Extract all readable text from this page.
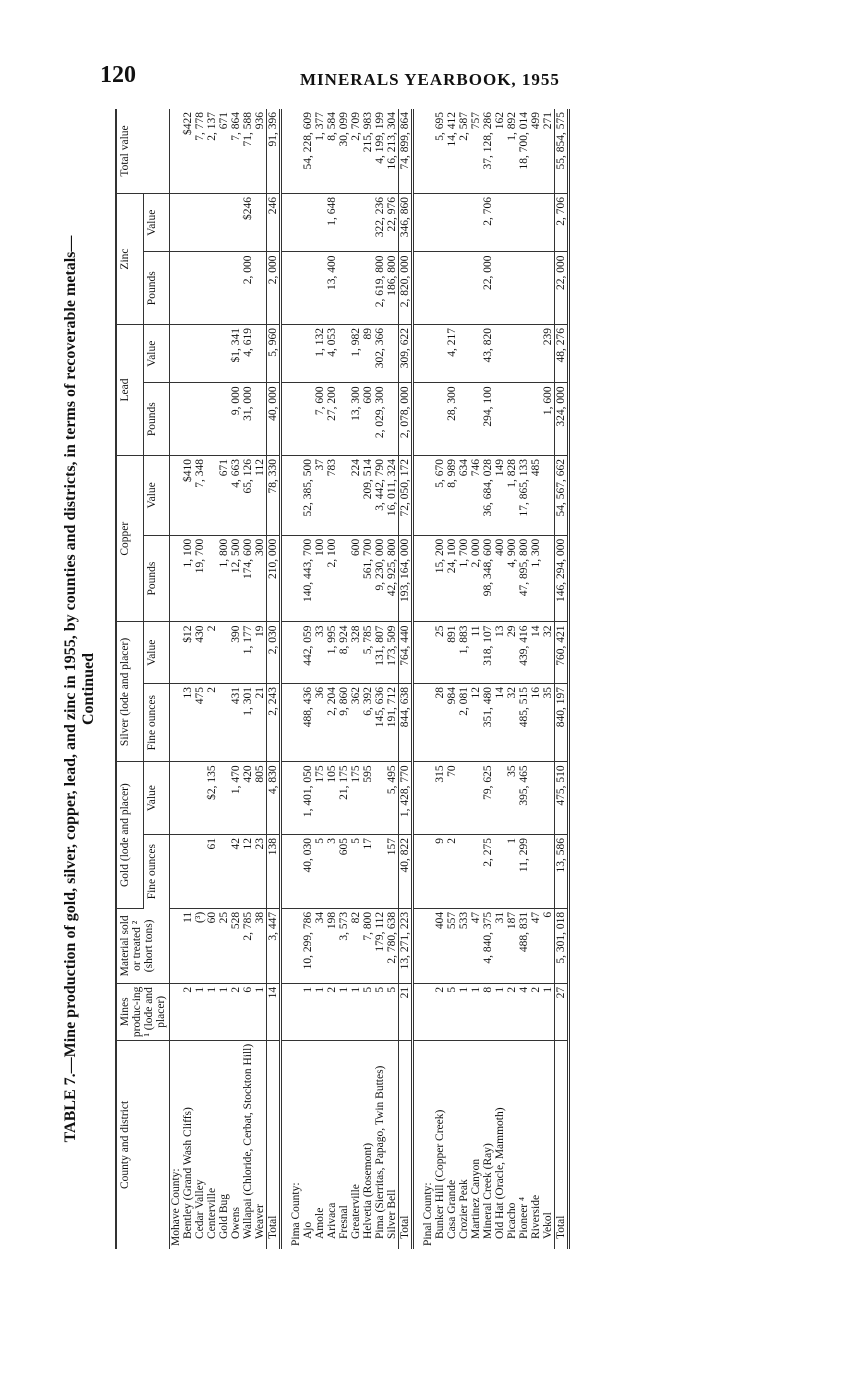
120	MINERALS YEARBOOK, 1955
TABLE 7.—Mine production of gold, silver, copper, lead, and zinc in 1955, by counties and districts, in terms of recoverable metals— Continued
County and district	Mines produc-ing ¹ (lode and placer)	Material sold or treated ² (short tons)	Gold (lode and placer)		Silver (lode and placer)		Copper		Lead		Zinc		Total value
			Fine ounces	Value	Fine ounces	Value	Pounds	Value	Pounds	Value	Pounds	Value	
Mohave County:													
Bentley (Grand Wash Cliffs)	2	11			13	$12	1, 100	$410					$422
Cedar Valley	1	(³)			475	430	19, 700	7, 348					7, 778
Centerville	1	60	61	$2, 135	2	2							2, 137
Gold Bug	1	25					1, 800	671					671
Owens	2	528	42	1, 470	431	390	12, 500	4, 663	9, 000	$1, 341			7, 864
Wallapai (Chloride, Cerbat, Stockton Hill)	6	2, 785	12	420	1, 301	1, 177	174, 600	65, 126	31, 000	4, 619	2, 000	$246	71, 588
Weaver	1	38	23	805	21	19	300	112					936
Total	14	3, 447	138	4, 830	2, 243	2, 030	210, 000	78, 330	40, 000	5, 960	2, 000	246	91, 396

Pima County:													
Ajo	1	10, 299, 786	40, 030	1, 401, 050	488, 436	442, 059	140, 443, 700	52, 385, 500					54, 228, 609
Amole	1	34	5	175	36	33	100	37	7, 600	1, 132			1, 377
Arivaca	2	198	3	105	2, 204	1, 995	2, 100	783	27, 200	4, 053	13, 400	1, 648	8, 584
Fresnal	1	3, 573	605	21, 175	9, 860	8, 924							30, 099
Greaterville	1	82	5	175	362	328	600	224	13, 300	1, 982			2, 709
Helvetia (Rosemont)	5	7, 800	17	595	6, 392	5, 785	561, 700	209, 514	600	89			215, 983
Pima (Sierritas, Papago, Twin Buttes)	5	179, 112			145, 636	131, 807	9, 230, 000	3, 442, 790	2, 029, 300	302, 366	2, 619, 800	322, 236	4, 199, 199
Silver Bell	5	2, 780, 638	157	5, 495	191, 712	173, 509	42, 925, 800	16, 011, 324			186, 800	22, 976	16, 213, 304
Total	21	13, 271, 223	40, 822	1, 428, 770	844, 638	764, 440	193, 164, 000	72, 050, 172	2, 078, 000	309, 622	2, 820, 000	346, 860	74, 899, 864

Pinal County:													
Bunker Hill (Copper Creek)	2	404	9	315	28	25	15, 200	5, 670					5, 695
Casa Grande	5	557	2	70	984	891	24, 100	8, 989	28, 300	4, 217			14, 412
Crozier Peak	1	533			2, 081	1, 883	1, 700	634					2, 587
Martinez Canyon	1	47			12	11	2, 000	746					757
Mineral Creek (Ray)	8	4, 840, 375	2, 275	79, 625	351, 480	318, 107	98, 348, 600	36, 684, 028	294, 100	43, 820	22, 000	2, 706	37, 128, 286
Old Hat (Oracle, Mammoth)	1	31			14	13	400	149					162
Picacho	2	187	1	35	32	29	4, 900	1, 828					1, 892
Pioneer ⁴	4	488, 831	11, 299	395, 465	485, 515	439, 416	47, 895, 800	17, 865, 133					18, 700, 014
Riverside	2	47			16	14	1, 300	485					499
Vekol	1	6			35	32			1, 600	239			271
Total	27	5, 301, 018	13, 586	475, 510	840, 197	760, 421	146, 294, 000	54, 567, 662	324, 000	48, 276	22, 000	2, 706	55, 854, 575
